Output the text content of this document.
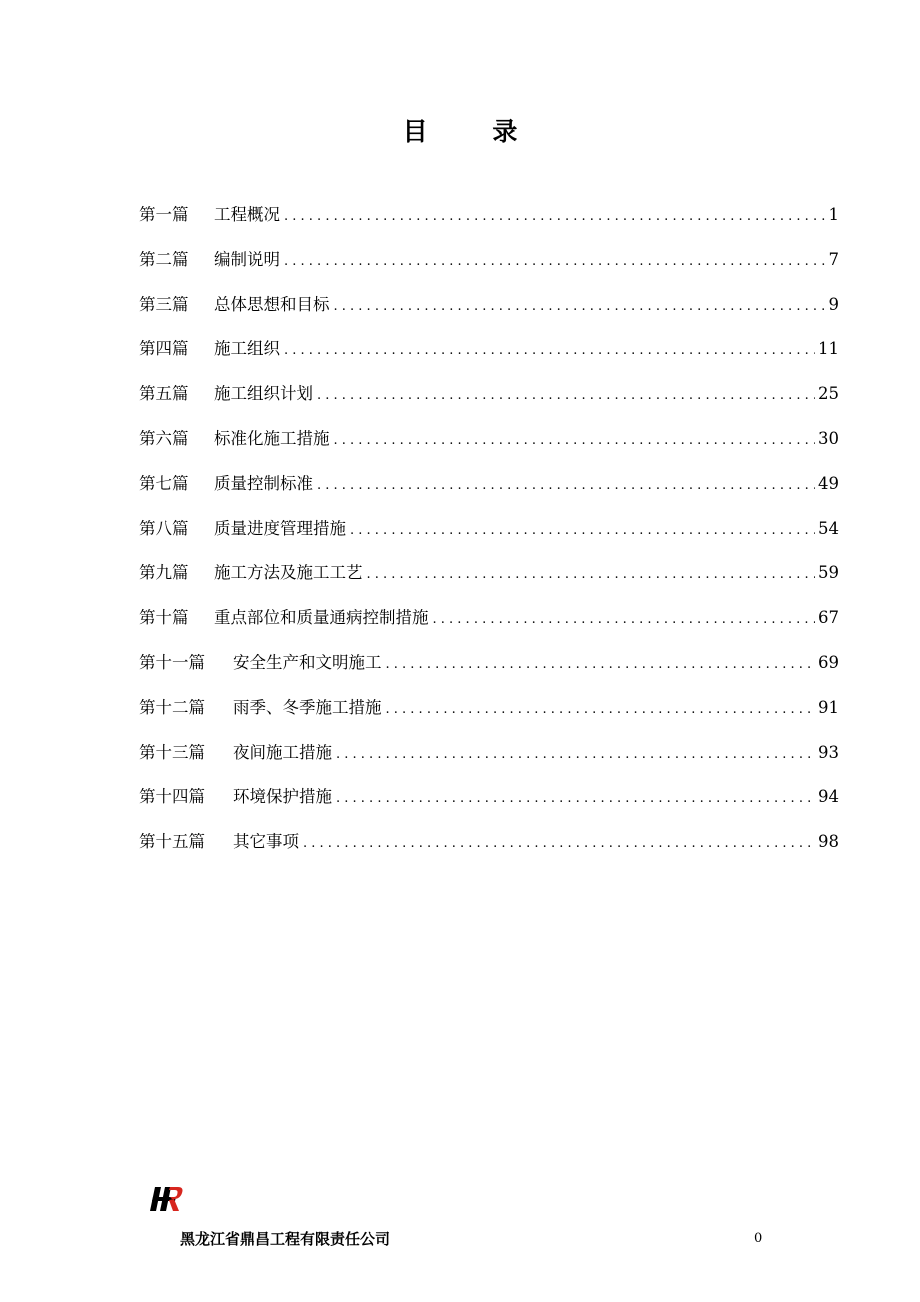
目 录
第一篇	工程概况 . . .	1
第二篇	编制说明 . . .	7
第三篇	总体思想和目标 . . .	9
第四篇	施工组织 . . .	11
第五篇	施工组织计划 . . .	25
第六篇	标准化施工措施 . . .	30
第七篇	质量控制标准 . . .	49
第八篇	质量进度管理措施 . . .	54
第九篇	施工方法及施工工艺 . . .	59
第十篇	重点部位和质量通病控制措施 . . .	67
第十一篇	安全生产和文明施工 . . .	69
第十二篇	雨季、冬季施工措施 . . .	91
第十三篇	夜间施工措施 . . .	93
第十四篇	环境保护措施 . . .	94
第十五篇	其它事项 . . .	98
黑龙江省鼎昌工程有限责任公司	0
